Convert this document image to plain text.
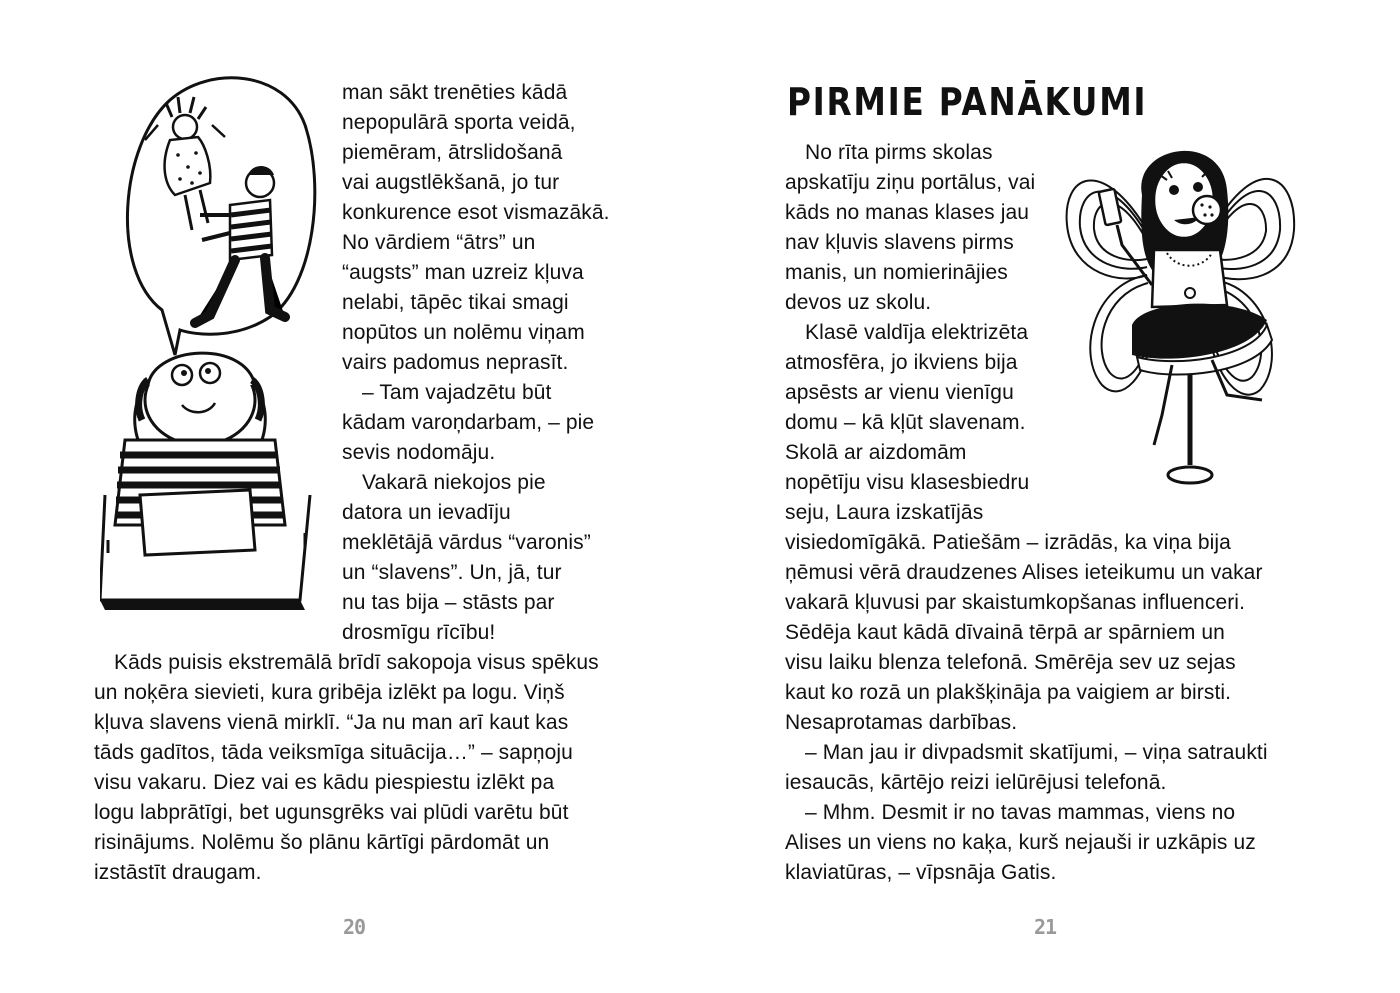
man sākt trenēties kādā
nepopulārā sporta veidā,
piemēram, ātrslidošanā
vai augstlēkšanā, jo tur
konkurence esot vismazākā.
No vārdiem “ātrs” un
“augsts” man uzreiz kļuva
nelabi, tāpēc tikai smagi
nopūtos un nolēmu viņam
vairs padomus neprasīt.
– Tam vajadzētu būt
kādam varoņdarbam, – pie
sevis nodomāju.
Vakarā niekojos pie
datora un ievadīju
meklētājā vārdus “varonis”
un “slavens”. Un, jā, tur
nu tas bija – stāsts par
drosmīgu rīcību!
Kāds puisis ekstremālā brīdī sakopoja visus spēkus
un noķēra sievieti, kura gribēja izlēkt pa logu. Viņš
kļuva slavens vienā mirklī. “Ja nu man arī kaut kas
tāds gadītos, tāda veiksmīga situācija…” – sapņoju
visu vakaru. Diez vai es kādu piespiestu izlēkt pa
logu labprātīgi, bet ugunsgrēks vai plūdi varētu būt
risinājums. Nolēmu šo plānu kārtīgi pārdomāt un
izstāstīt draugam.
20
PIRMIE PANĀKUMI
No rīta pirms skolas
apskatīju ziņu portālus, vai
kāds no manas klases jau
nav kļuvis slavens pirms
manis, un nomierinājies
devos uz skolu.
Klasē valdīja elektrizēta
atmosfēra, jo ikviens bija
apsēsts ar vienu vienīgu
domu – kā kļūt slavenam.
Skolā ar aizdomām
nopētīju visu klasesbiedru
seju, Laura izskatījās
visiedomīgākā. Patiešām – izrādās, ka viņa bija
ņēmusi vērā draudzenes Alises ieteikumu un vakar
vakarā kļuvusi par skaistumkopšanas influenceri.
Sēdēja kaut kādā dīvainā tērpā ar spārniem un
visu laiku blenza telefonā. Smērēja sev uz sejas
kaut ko rozā un plakšķināja pa vaigiem ar birsti.
Nesaprotamas darbības.
– Man jau ir divpadsmit skatījumi, – viņa satraukti
iesaucās, kārtējo reizi ielūrējusi telefonā.
– Mhm. Desmit ir no tavas mammas, viens no
Alises un viens no kaķa, kurš nejauši ir uzkāpis uz
klaviatūras, – vīpsnāja Gatis.
21
